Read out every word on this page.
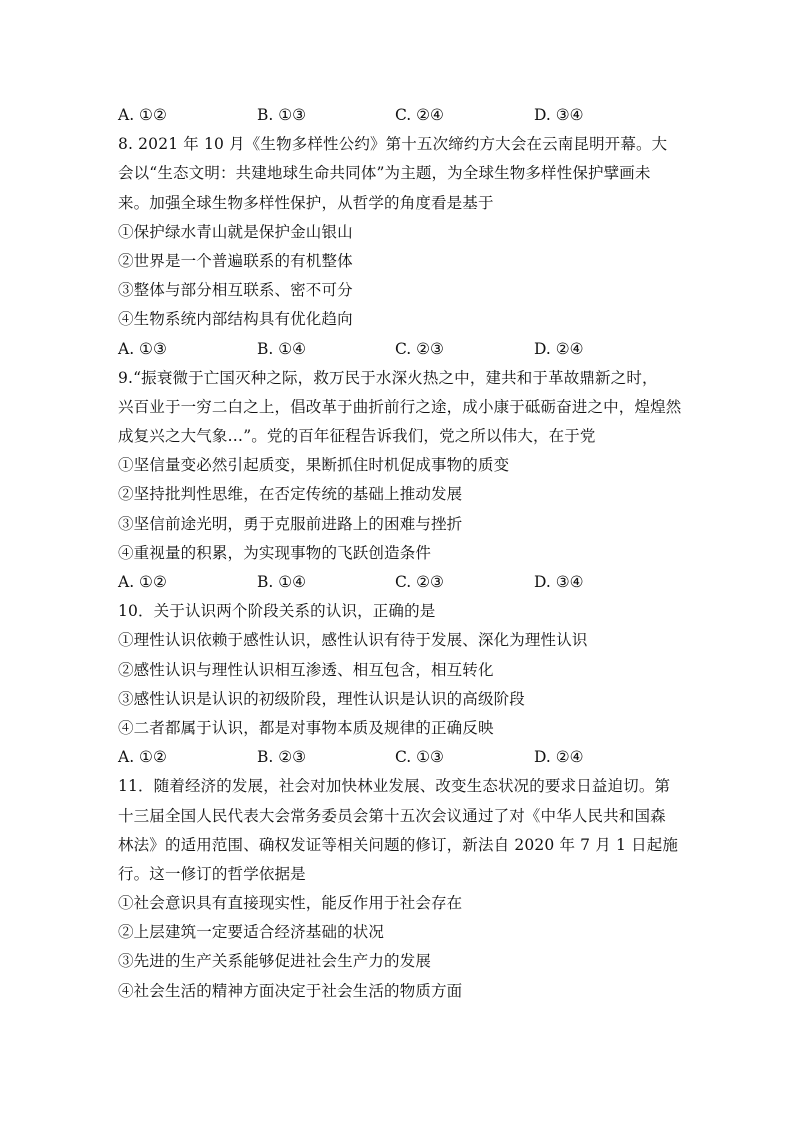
A. ①②	B. ①③	C. ②④	D. ③④
8. 2021 年 10 月《生物多样性公约》第十五次缔约方大会在云南昆明开幕。大
会以“生态文明：共建地球生命共同体”为主题，为全球生物多样性保护擘画未
来。加强全球生物多样性保护，从哲学的角度看是基于
①保护绿水青山就是保护金山银山
②世界是一个普遍联系的有机整体
③整体与部分相互联系、密不可分
④生物系统内部结构具有优化趋向
A. ①③	B. ①④	C. ②③	D. ②④
9.“振衰微于亡国灭种之际，救万民于水深火热之中，建共和于革故鼎新之时，
兴百业于一穷二白之上，倡改革于曲折前行之途，成小康于砥砺奋进之中，煌煌然
成复兴之大气象…”。党的百年征程告诉我们，党之所以伟大，在于党
①坚信量变必然引起质变，果断抓住时机促成事物的质变
②坚持批判性思维，在否定传统的基础上推动发展
③坚信前途光明，勇于克服前进路上的困难与挫折
④重视量的积累，为实现事物的飞跃创造条件
A. ①②	B. ①④	C. ②③	D. ③④
10．关于认识两个阶段关系的认识，正确的是
①理性认识依赖于感性认识，感性认识有待于发展、深化为理性认识
②感性认识与理性认识相互渗透、相互包含，相互转化
③感性认识是认识的初级阶段，理性认识是认识的高级阶段
④二者都属于认识，都是对事物本质及规律的正确反映
A. ①②	B. ②③	C. ①③	D. ②④
11．随着经济的发展，社会对加快林业发展、改变生态状况的要求日益迫切。第
十三届全国人民代表大会常务委员会第十五次会议通过了对《中华人民共和国森
林法》的适用范围、确权发证等相关问题的修订，新法自 2020 年 7 月 1 日起施
行。这一修订的哲学依据是
①社会意识具有直接现实性，能反作用于社会存在
②上层建筑一定要适合经济基础的状况
③先进的生产关系能够促进社会生产力的发展
④社会生活的精神方面决定于社会生活的物质方面
